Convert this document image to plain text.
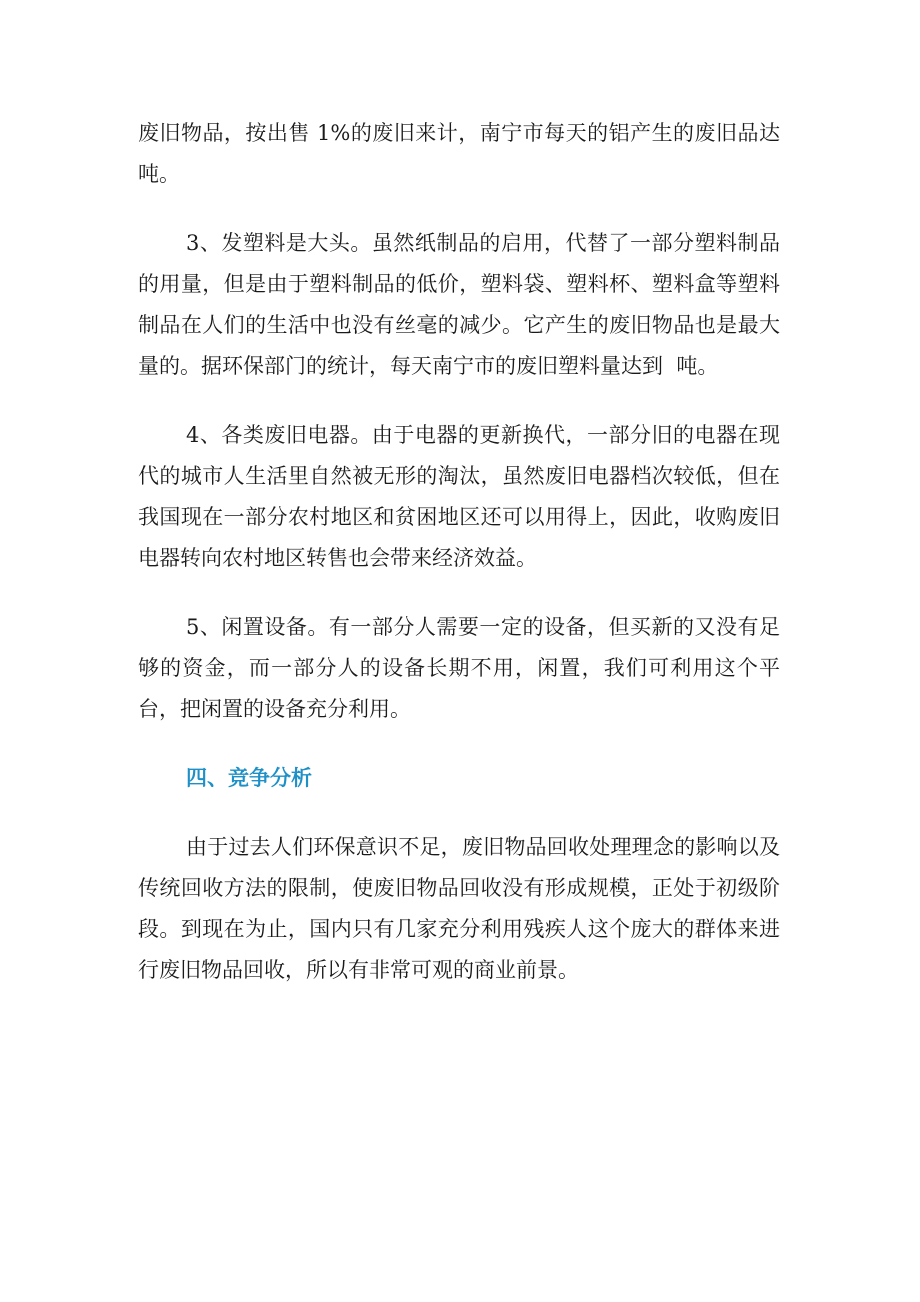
废旧物品，按出售 1%的废旧来计，南宁市每天的铝产生的废旧品达  吨。

3、发塑料是大头。虽然纸制品的启用，代替了一部分塑料制品的用量，但是由于塑料制品的低价，塑料袋、塑料杯、塑料盒等塑料制品在人们的生活中也没有丝毫的减少。它产生的废旧物品也是最大量的。据环保部门的统计，每天南宁市的废旧塑料量达到  吨。

4、各类废旧电器。由于电器的更新换代，一部分旧的电器在现代的城市人生活里自然被无形的淘汰，虽然废旧电器档次较低，但在我国现在一部分农村地区和贫困地区还可以用得上，因此，收购废旧电器转向农村地区转售也会带来经济效益。

5、闲置设备。有一部分人需要一定的设备，但买新的又没有足够的资金，而一部分人的设备长期不用，闲置，我们可利用这个平台，把闲置的设备充分利用。

四、竞争分析

由于过去人们环保意识不足，废旧物品回收处理理念的影响以及传统回收方法的限制，使废旧物品回收没有形成规模，正处于初级阶段。到现在为止，国内只有几家充分利用残疾人这个庞大的群体来进行废旧物品回收，所以有非常可观的商业前景。
